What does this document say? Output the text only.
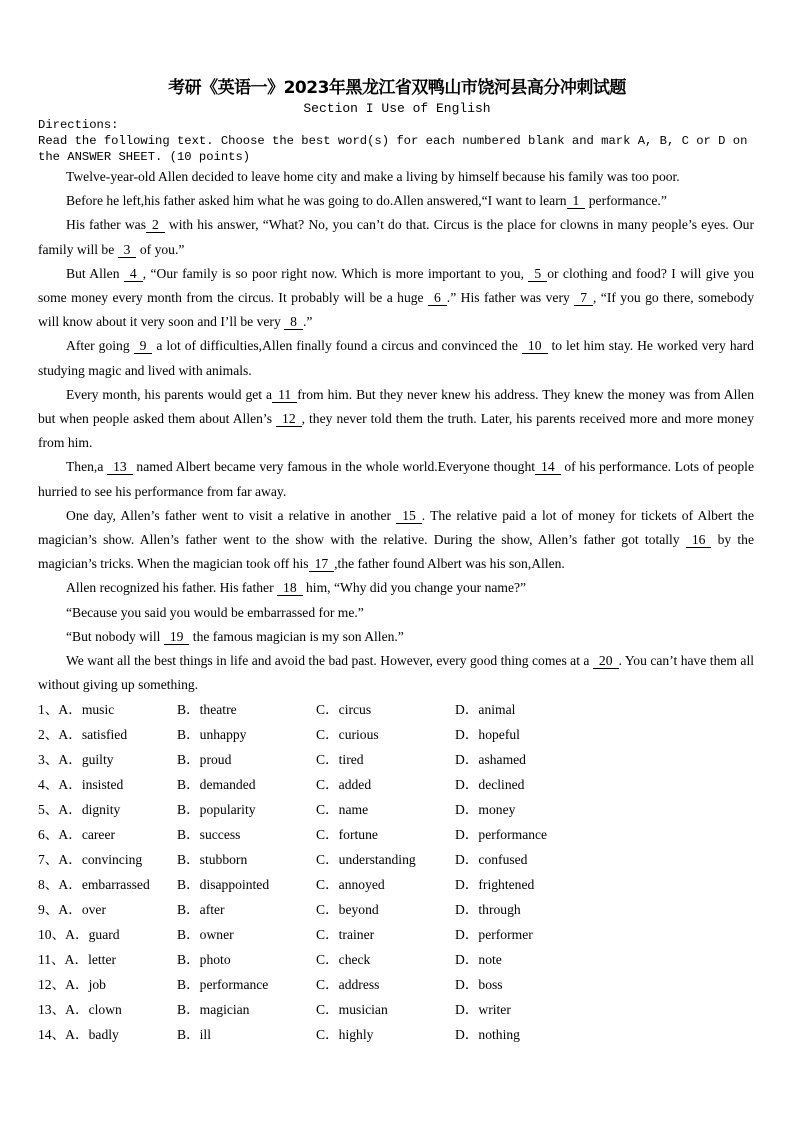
考研《英语一》2023年黑龙江省双鸭山市饶河县高分冲刺试题
Section I Use of English
Directions:
Read the following text. Choose the best word(s) for each numbered blank and mark A, B, C or D on the ANSWER SHEET. (10 points)

Twelve-year-old Allen decided to leave home city and make a living by himself because his family was too poor.

Before he left,his father asked him what he was going to do.Allen answered,“I want to learn 1 performance.”

His father was 2 with his answer, “What? No, you can’t do that. Circus is the place for clowns in many people’s eyes. Our family will be 3 of you.”

But Allen 4 , “Our family is so poor right now. Which is more important to you, 5 or clothing and food? I will give you some money every month from the circus. It probably will be a huge 6 .” His father was very 7 , “If you go there, somebody will know about it very soon and I’ll be very 8 .”

After going 9 a lot of difficulties,Allen finally found a circus and convinced the 10 to let him stay. He worked very hard studying magic and lived with animals.

Every month, his parents would get a 11 from him. But they never knew his address. They knew the money was from Allen but when people asked them about Allen’s 12 , they never told them the truth. Later, his parents received more and more money from him.

Then,a 13 named Albert became very famous in the whole world.Everyone thought 14 of his performance. Lots of people hurried to see his performance from far away.

One day, Allen’s father went to visit a relative in another 15 . The relative paid a lot of money for tickets of Albert the magician’s show. Allen’s father went to the show with the relative. During the show, Allen’s father got totally 16 by the magician’s tricks. When the magician took off his 17 ,the father found Albert was his son,Allen.

Allen recognized his father. His father 18 him, “Why did you change your name?”

“Because you said you would be embarrassed for me.”

“But nobody will 19 the famous magician is my son Allen.”

We want all the best things in life and avoid the bad past. However, every good thing comes at a 20 . You can’t have them all without giving up something.

1、A．music	B．theatre	C．circus	D．animal
2、A．satisfied	B．unhappy	C．curious	D．hopeful
3、A．guilty	B．proud	C．tired	D．ashamed
4、A．insisted	B．demanded	C．added	D．declined
5、A．dignity	B．popularity	C．name	D．money
6、A．career	B．success	C．fortune	D．performance
7、A．convincing	B．stubborn	C．understanding	D．confused
8、A．embarrassed B．disappointed	C．annoyed	D．frightened
9、A．over	B．after	C．beyond	D．through
10、A．guard	B．owner	C．trainer	D．performer
11、A．letter	B．photo	C．check	D．note
12、A．job	B．performance	C．address	D．boss
13、A．clown	B．magician	C．musician	D．writer
14、A．badly	B．ill	C．highly	D．nothing
